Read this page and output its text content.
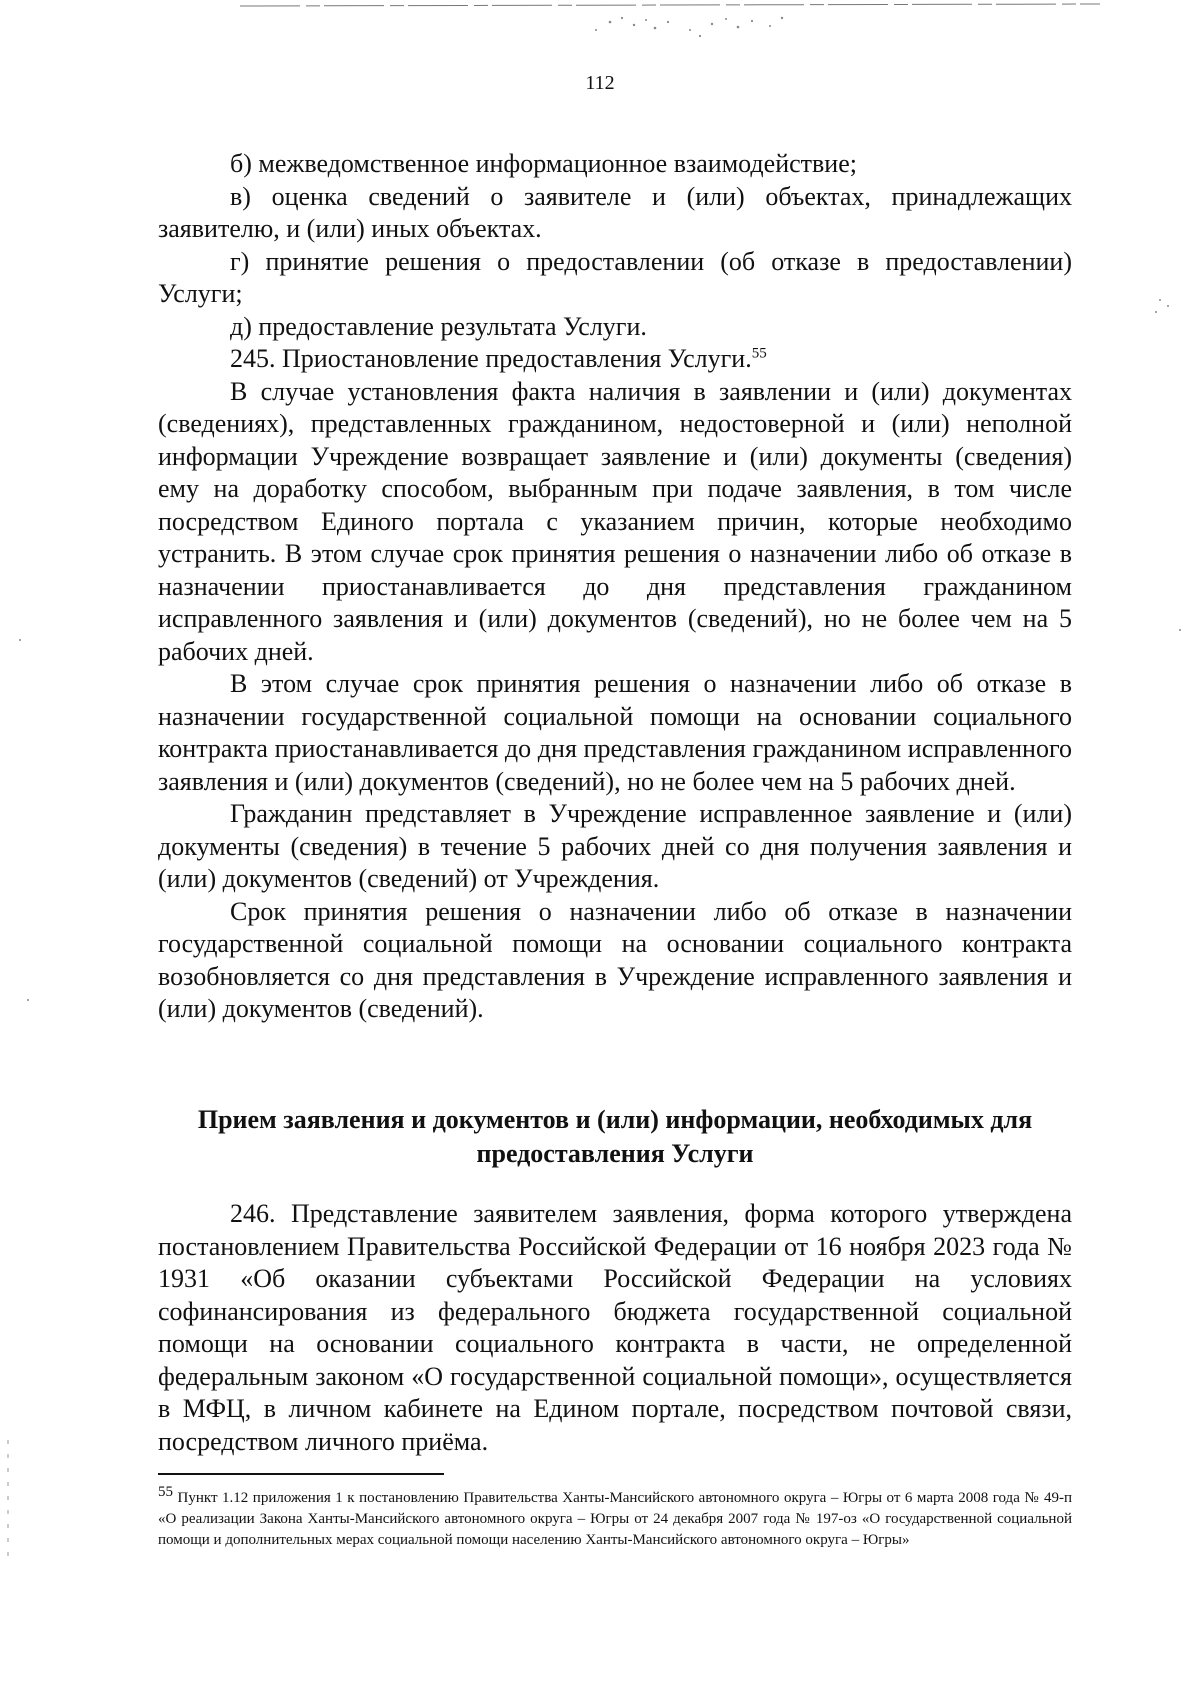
112

б) межведомственное информационное взаимодействие;

в) оценка сведений о заявителе и (или) объектах, принадлежащих заявителю, и (или) иных объектах.

г) принятие решения о предоставлении (об отказе в предоставлении) Услуги;

д) предоставление результата Услуги.

245. Приостановление предоставления Услуги.$^{55}$

В случае установления факта наличия в заявлении и (или) документах (сведениях), представленных гражданином, недостоверной и (или) неполной информации Учреждение возвращает заявление и (или) документы (сведения) ему на доработку способом, выбранным при подаче заявления, в том числе посредством Единого портала с указанием причин, которые необходимо устранить. В этом случае срок принятия решения о назначении либо об отказе в назначении приостанавливается до дня представления гражданином исправленного заявления и (или) документов (сведений), но не более чем на 5 рабочих дней.

В этом случае срок принятия решения о назначении либо об отказе в назначении государственной социальной помощи на основании социального контракта приостанавливается до дня представления гражданином исправленного заявления и (или) документов (сведений), но не более чем на 5 рабочих дней.

Гражданин представляет в Учреждение исправленное заявление и (или) документы (сведения) в течение 5 рабочих дней со дня получения заявления и (или) документов (сведений) от Учреждения.

Срок принятия решения о назначении либо об отказе в назначении государственной социальной помощи на основании социального контракта возобновляется со дня представления в Учреждение исправленного заявления и (или) документов (сведений).

Прием заявления и документов и (или) информации, необходимых для предоставления Услуги

246. Представление заявителем заявления, форма которого утверждена постановлением Правительства Российской Федерации от 16 ноября 2023 года № 1931 «Об оказании субъектами Российской Федерации на условиях софинансирования из федерального бюджета государственной социальной помощи на основании социального контракта в части, не определенной федеральным законом «О государственной социальной помощи», осуществляется в МФЦ, в личном кабинете на Едином портале, посредством почтовой связи, посредством личного приёма.

$^{55}$ Пункт 1.12 приложения 1 к постановлению Правительства Ханты-Мансийского автономного округа – Югры от 6 марта 2008 года № 49-п «О реализации Закона Ханты-Мансийского автономного округа – Югры от 24 декабря 2007 года № 197-оз «О государственной социальной помощи и дополнительных мерах социальной помощи населению Ханты-Мансийского автономного округа – Югры»
